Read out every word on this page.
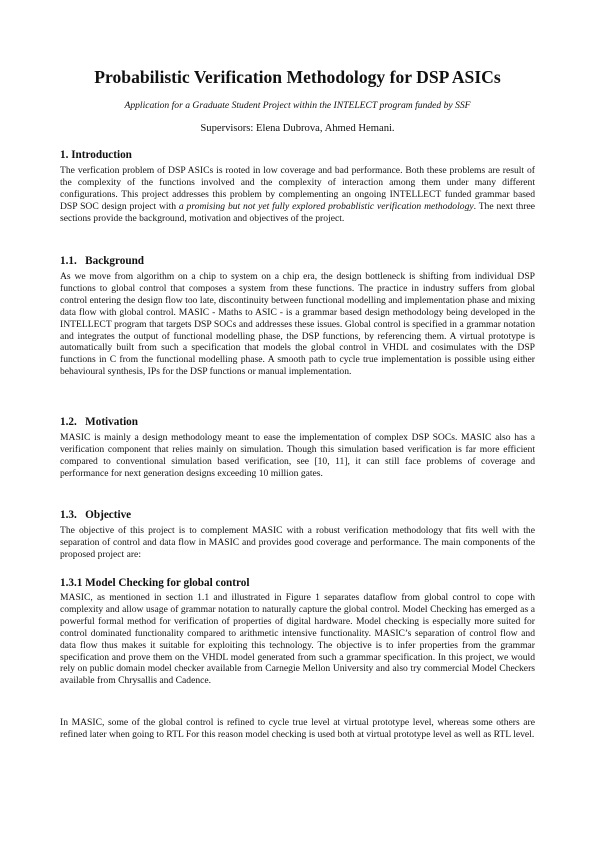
Probabilistic Verification Methodology for DSP ASICs
Application for a Graduate Student Project within the INTELECT program funded by SSF
Supervisors: Elena Dubrova, Ahmed Hemani.
1. Introduction
The verfication problem of DSP ASICs is rooted in low coverage and bad performance. Both these problems are result of the complexity of the functions involved and the complexity of interaction among them under many different configurations. This project addresses this problem by complementing an ongoing INTELLECT funded grammar based DSP SOC design project with a promising but not yet fully explored probablistic verification methodology. The next three sections provide the background, motivation and objectives of the project.
1.1.   Background
As we move from algorithm on a chip to system on a chip era, the design bottleneck is shifting from individual DSP functions to global control that composes a system from these functions. The practice in industry suffers from global control entering the design flow too late, discontinuity between functional modelling and implementation phase and mixing data flow with global control. MASIC - Maths to ASIC - is a grammar based design methodology being developed in the INTELLECT program that targets DSP SOCs and addresses these issues. Global control is specified in a grammar notation and integrates the output of functional modelling phase, the DSP functions, by referencing them. A virtual prototype is automatically built from such a specification that models the global control in VHDL and cosimulates with the DSP functions in C from the functional modelling phase. A smooth path to cycle true implementation is possible using either behavioural synthesis, IPs for the DSP functions or manual implementation.
1.2.   Motivation
MASIC is mainly a design methodology meant to ease the implementation of complex DSP SOCs. MASIC also has a verification component that relies mainly on simulation. Though this simulation based verification is far more efficient compared to conventional simulation based verification, see [10, 11], it can still face problems of coverage and performance for next generation designs exceeding 10 million gates.
1.3.   Objective
The objective of this project is to complement MASIC with a robust verification methodology that fits well with the separation of control and data flow in MASIC and provides good coverage and performance. The main components of the proposed project are:
1.3.1 Model Checking for global control
MASIC, as mentioned in section 1.1 and illustrated in Figure 1 separates dataflow from global control to cope with complexity and allow usage of grammar notation to naturally capture the global control. Model Checking has emerged as a powerful formal method for verification of properties of digital hardware. Model checking is especially more suited for control dominated functionality compared to arithmetic intensive functionality. MASIC’s separation of control flow and data flow thus makes it suitable for exploiting this technology. The objective is to infer properties from the grammar specification and prove them on the VHDL model generated from such a grammar specification. In this project, we would rely on public domain model checker available from Carnegie Mellon University and also try commercial Model Checkers available from Chrysallis and Cadence.
In MASIC, some of the global control is refined to cycle true level at virtual prototype level, whereas some others are refined later when going to RTL For this reason model checking is used both at virtual prototype level as well as RTL level.
